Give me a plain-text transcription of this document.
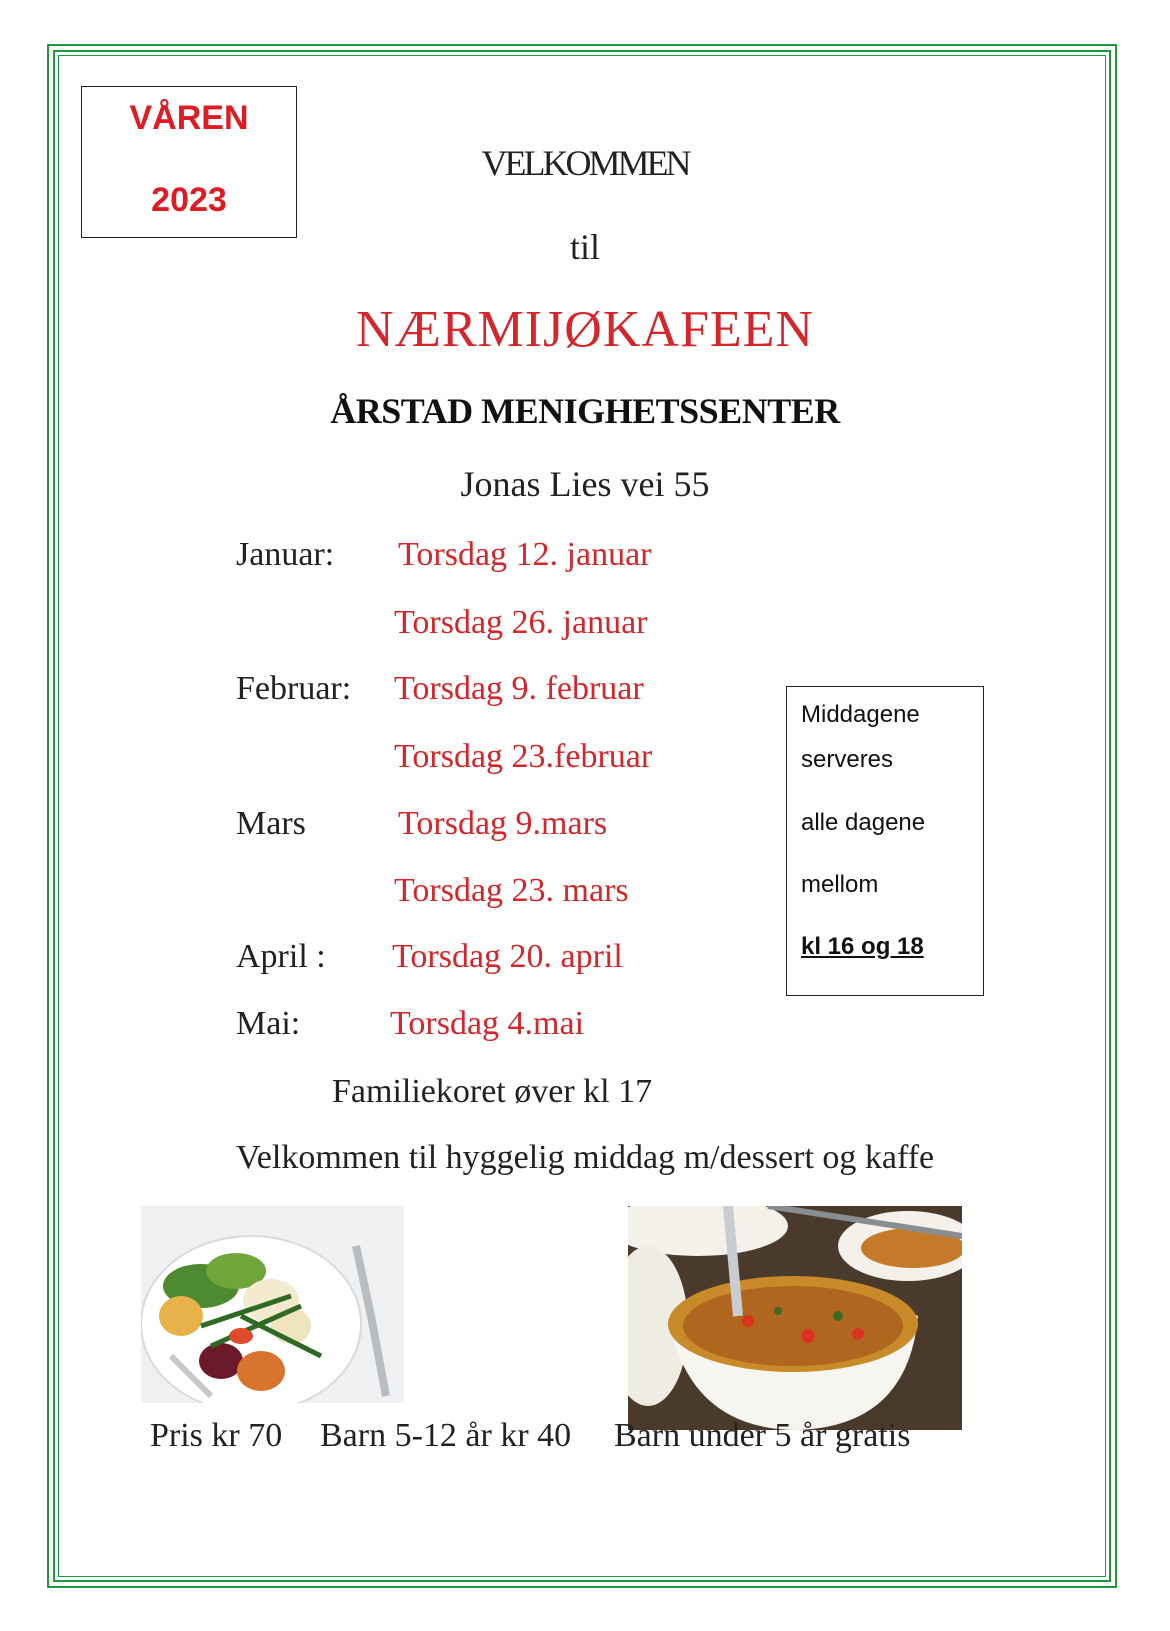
VÅREN
2023
VELKOMMEN
til
NÆRMIJØKAFEEN
ÅRSTAD MENIGHETSSENTER
Jonas Lies vei 55
Januar: Torsdag 12. januar
Torsdag 26. januar
Februar: Torsdag 9. februar
Torsdag 23.februar
Mars	Torsdag 9.mars
Torsdag 23. mars
April : Torsdag 20. april
Mai:	Torsdag 4.mai
Middagene
serveres
alle dagene
mellom
kl 16 og 18
Familiekoret øver kl 17
Velkommen til hyggelig middag m/dessert og kaffe
Pris kr 70 Barn 5-12 år kr 40 Barn under 5 år gratis
